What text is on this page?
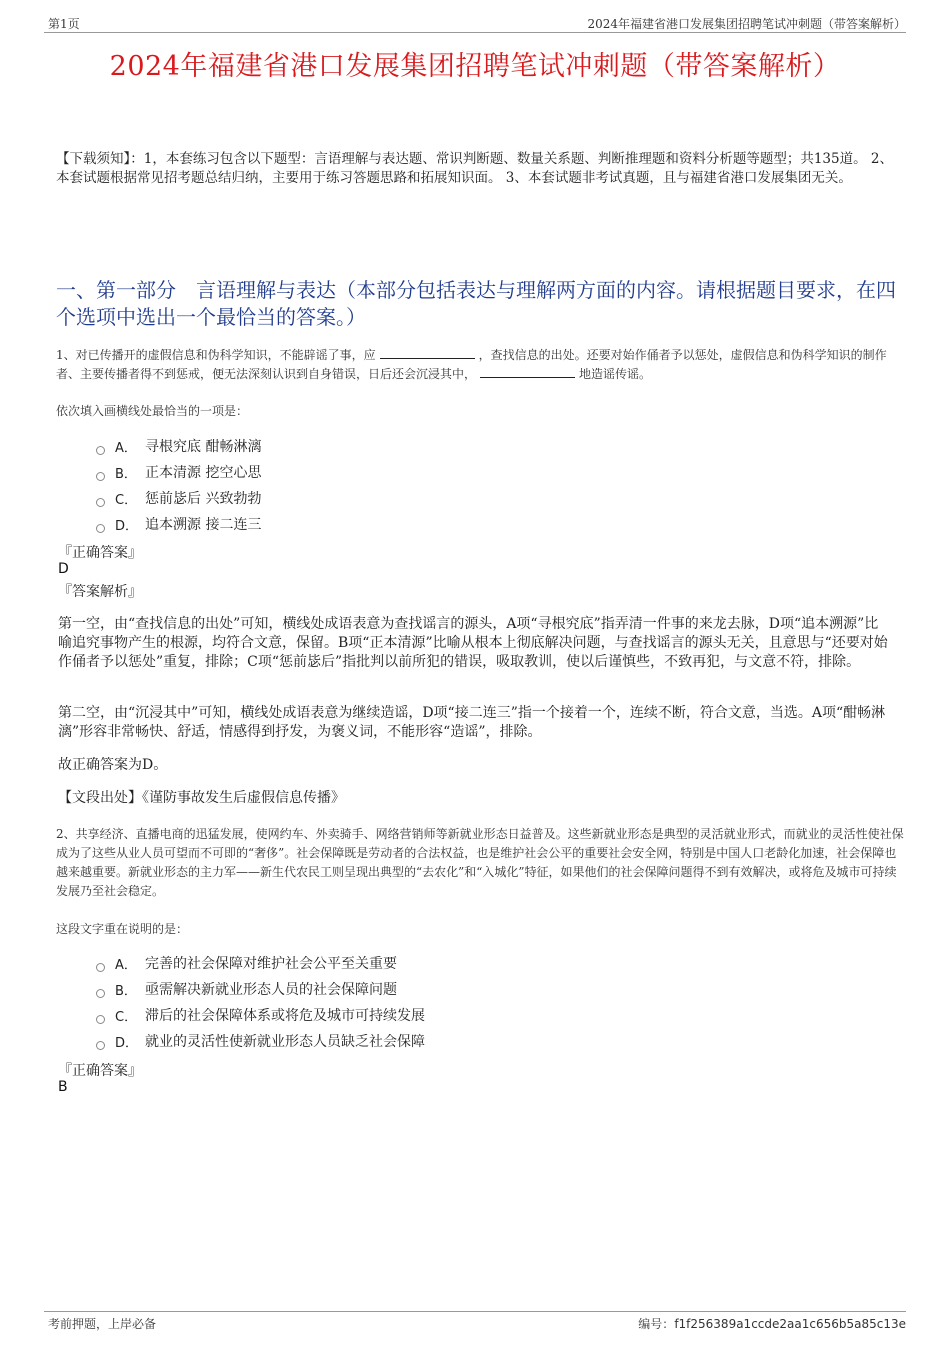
第1页	2024年福建省港口发展集团招聘笔试冲刺题（带答案解析）
2024年福建省港口发展集团招聘笔试冲刺题（带答案解析）
【下载须知】：1，本套练习包含以下题型：言语理解与表达题、常识判断题、数量关系题、判断推理题和资料分析题等题型；共135道。 2、本套试题根据常见招考题总结归纳，主要用于练习答题思路和拓展知识面。 3、本套试题非考试真题，且与福建省港口发展集团无关。
一、第一部分　言语理解与表达（本部分包括表达与理解两方面的内容。请根据题目要求，在四个选项中选出一个最恰当的答案。）
1、对已传播开的虚假信息和伪科学知识，不能辟谣了事，应	，查找信息的出处。还要对始作俑者予以惩处，虚假信息和伪科学知识的制作者、主要传播者得不到惩戒，便无法深刻认识到自身错误，日后还会沉浸其中，	地造谣传谣。
依次填入画横线处最恰当的一项是：
A． 寻根究底 酣畅淋漓
B． 正本清源 挖空心思
C． 惩前毖后 兴致勃勃
D． 追本溯源 接二连三
『正确答案』
D
『答案解析』
第一空，由“查找信息的出处”可知，横线处成语表意为查找谣言的源头，A项“寻根究底”指弄清一件事的来龙去脉，D项“追本溯源”比喻追究事物产生的根源，均符合文意，保留。B项“正本清源”比喻从根本上彻底解决问题，与查找谣言的源头无关，且意思与“还要对始作俑者予以惩处”重复，排除；C项“惩前毖后”指批判以前所犯的错误，吸取教训，使以后谨慎些，不致再犯，与文意不符，排除。
第二空，由“沉浸其中”可知，横线处成语表意为继续造谣，D项“接二连三”指一个接着一个，连续不断，符合文意，当选。A项“酣畅淋漓”形容非常畅快、舒适，情感得到抒发，为褒义词，不能形容“造谣”，排除。
故正确答案为D。
【文段出处】《谨防事故发生后虚假信息传播》
2、共享经济、直播电商的迅猛发展，使网约车、外卖骑手、网络营销师等新就业形态日益普及。这些新就业形态是典型的灵活就业形式，而就业的灵活性使社保成为了这些从业人员可望而不可即的“奢侈”。社会保障既是劳动者的合法权益，也是维护社会公平的重要社会安全网，特别是中国人口老龄化加速，社会保障也越来越重要。新就业形态的主力军——新生代农民工则呈现出典型的“去农化”和“入城化”特征，如果他们的社会保障问题得不到有效解决，或将危及城市可持续发展乃至社会稳定。
这段文字重在说明的是：
A． 完善的社会保障对维护社会公平至关重要
B． 亟需解决新就业形态人员的社会保障问题
C． 滞后的社会保障体系或将危及城市可持续发展
D． 就业的灵活性使新就业形态人员缺乏社会保障
『正确答案』
B
考前押题，上岸必备	编号：f1f256389a1ccde2aa1c656b5a85c13e
